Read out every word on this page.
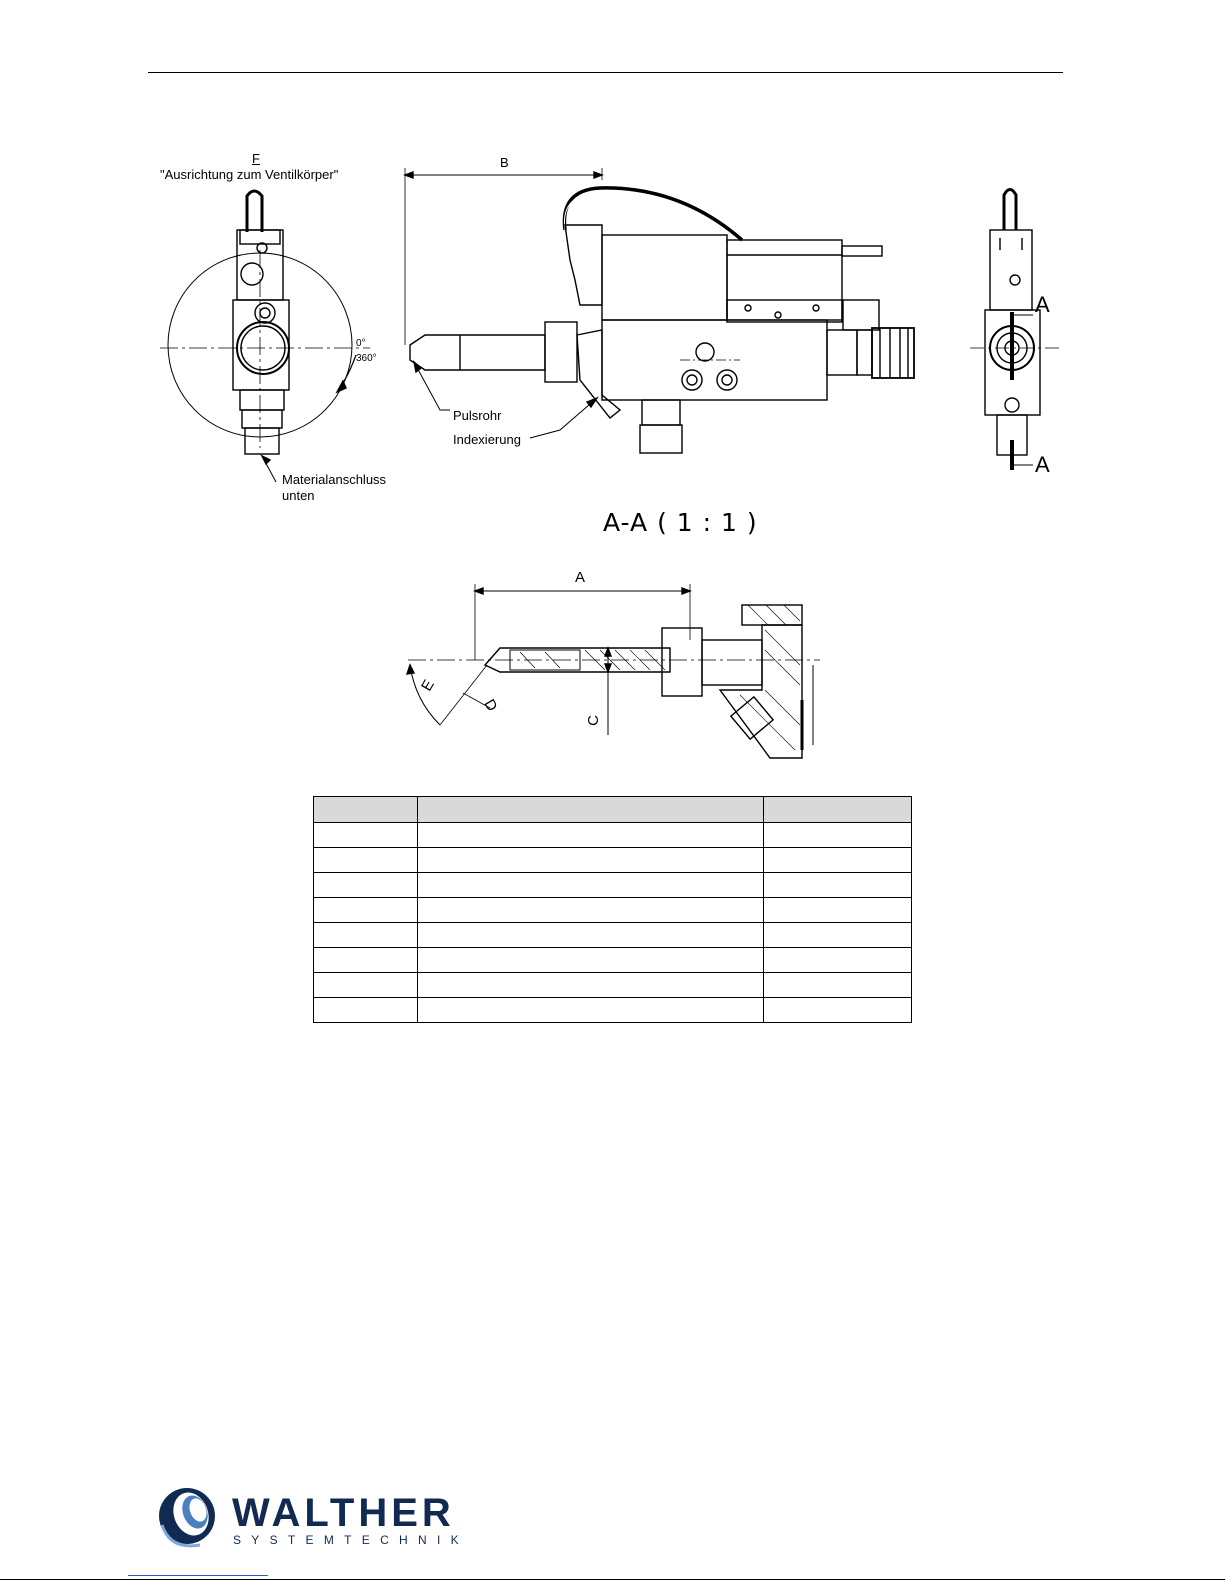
F
"Ausrichtung zum Ventilkörper"
0°
360°
Materialanschluss
unten
B
Pulsrohr
Indexierung
A
A
A-A ( 1 : 1 )
A
C
D
E

WALTHER
SYSTEMTECHNIK
